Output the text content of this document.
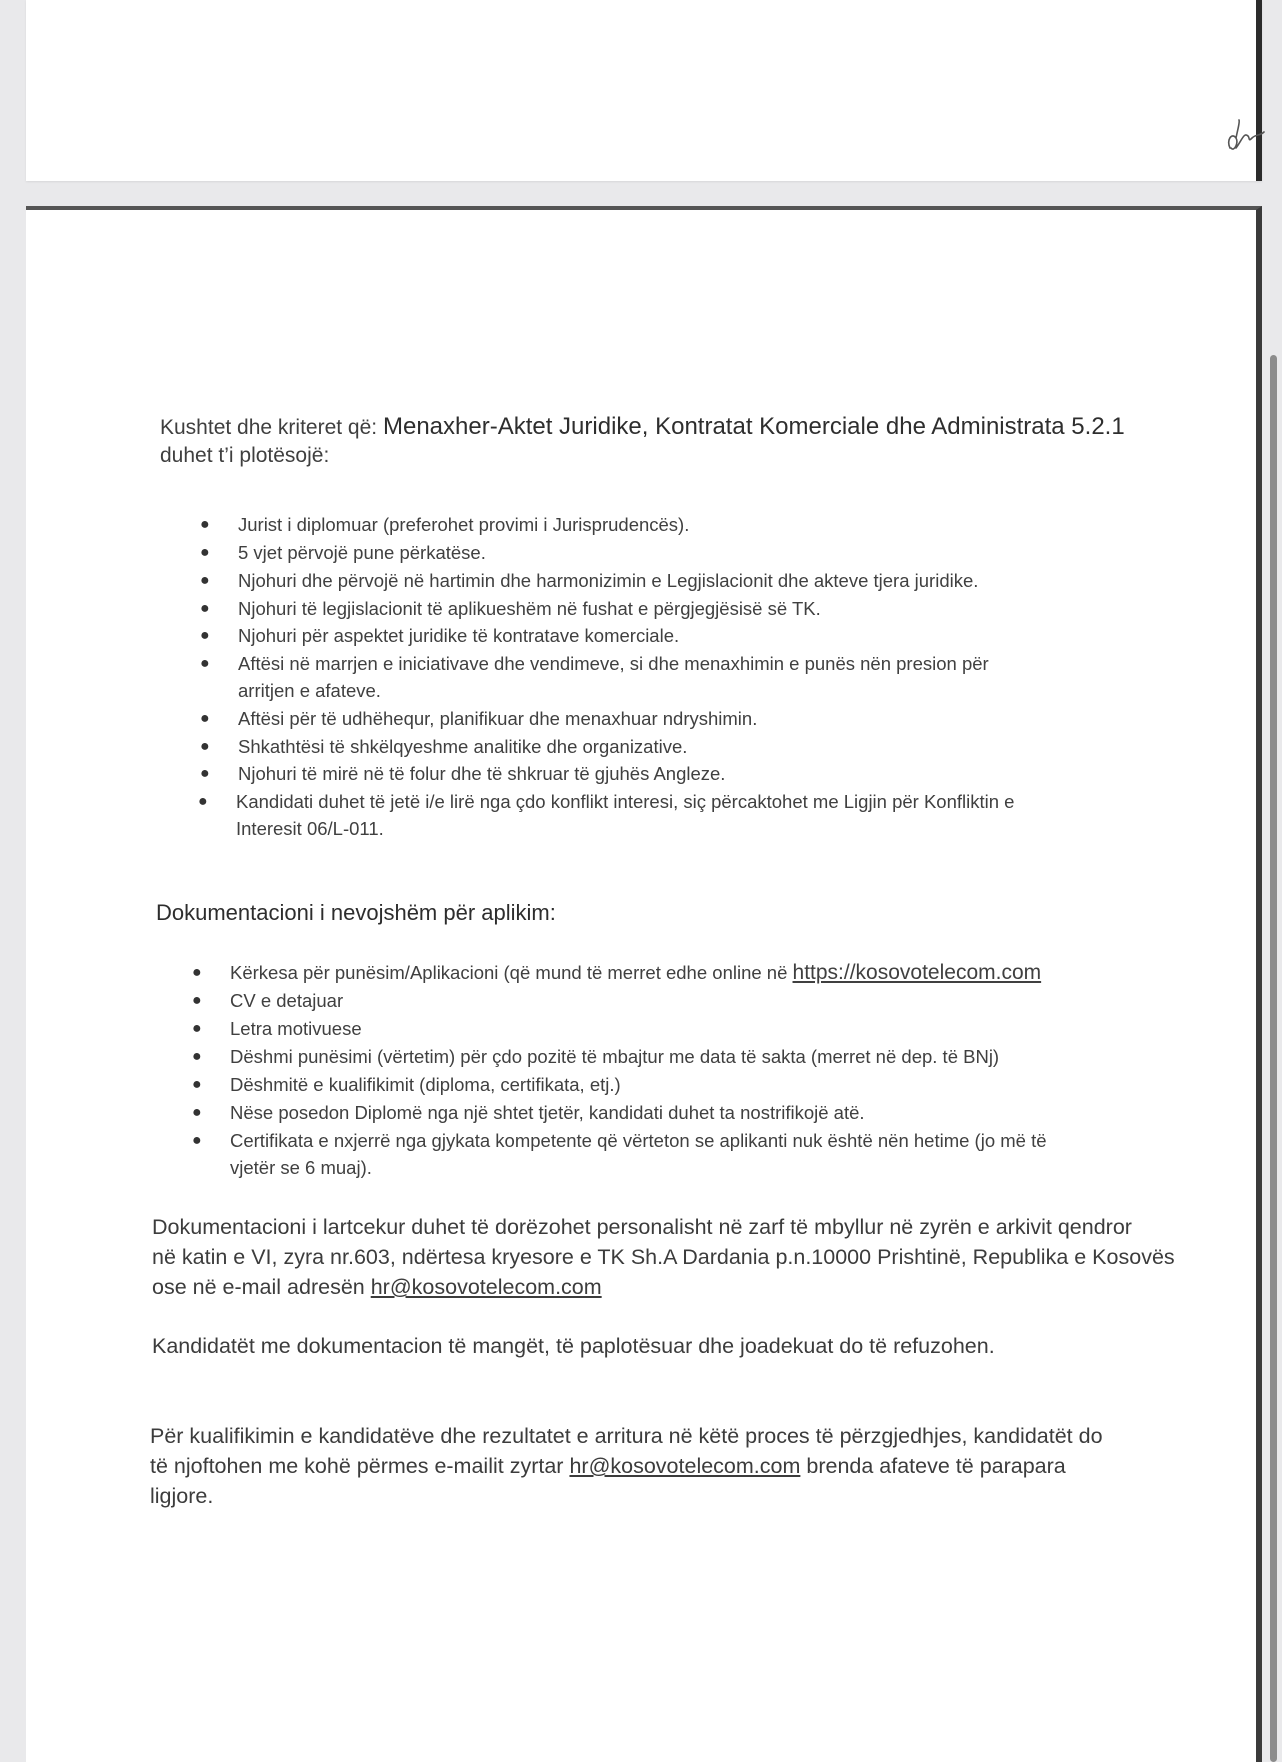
Kushtet dhe kriteret që: Menaxher-Aktet Juridike, Kontratat Komerciale dhe Administrata 5.2.1

duhet t’i plotësojë:

● Jurist i diplomuar (preferohet provimi i Jurisprudencës).
● 5 vjet përvojë pune përkatëse.
● Njohuri dhe përvojë në hartimin dhe harmonizimin e Legjislacionit dhe akteve tjera juridike.
● Njohuri të legjislacionit të aplikueshëm në fushat e përgjegjësisë së TK.
● Njohuri për aspektet juridike të kontratave komerciale.
● Aftësi në marrjen e iniciativave dhe vendimeve, si dhe menaxhimin e punës nën presion për
arritjen e afateve.
● Aftësi për të udhëhequr, planifikuar dhe menaxhuar ndryshimin.
● Shkathtësi të shkëlqyeshme analitike dhe organizative.
● Njohuri të mirë në të folur dhe të shkruar të gjuhës Angleze.
● Kandidati duhet të jetë i/e lirë nga çdo konflikt interesi, siç përcaktohet me Ligjin për Konfliktin e
Interesit 06/L-011.

Dokumentacioni i nevojshëm për aplikim:

● Kërkesa për punësim/Aplikacioni (që mund të merret edhe online në https://kosovotelecom.com
● CV e detajuar
● Letra motivuese
● Dëshmi punësimi (vërtetim) për çdo pozitë të mbajtur me data të sakta (merret në dep. të BNj)
● Dëshmitë e kualifikimit (diploma, certifikata, etj.)
● Nëse posedon Diplomë nga një shtet tjetër, kandidati duhet ta nostrifikojë atë.
● Certifikata e nxjerrë nga gjykata kompetente që vërteton se aplikanti nuk është nën hetime (jo më të
vjetër se 6 muaj).

Dokumentacioni i lartcekur duhet të dorëzohet personalisht në zarf të mbyllur në zyrën e arkivit qendror

në katin e VI, zyra nr.603, ndërtesa kryesore e TK Sh.A Dardania p.n.10000 Prishtinë, Republika e Kosovës

ose në e-mail adresën hr@kosovotelecom.com

Kandidatët me dokumentacion të mangët, të paplotësuar dhe joadekuat do të refuzohen.

Për kualifikimin e kandidatëve dhe rezultatet e arritura në këtë proces të përzgjedhjes, kandidatët do

të njoftohen me kohë përmes e-mailit zyrtar hr@kosovotelecom.com brenda afateve të parapara

ligjore.
